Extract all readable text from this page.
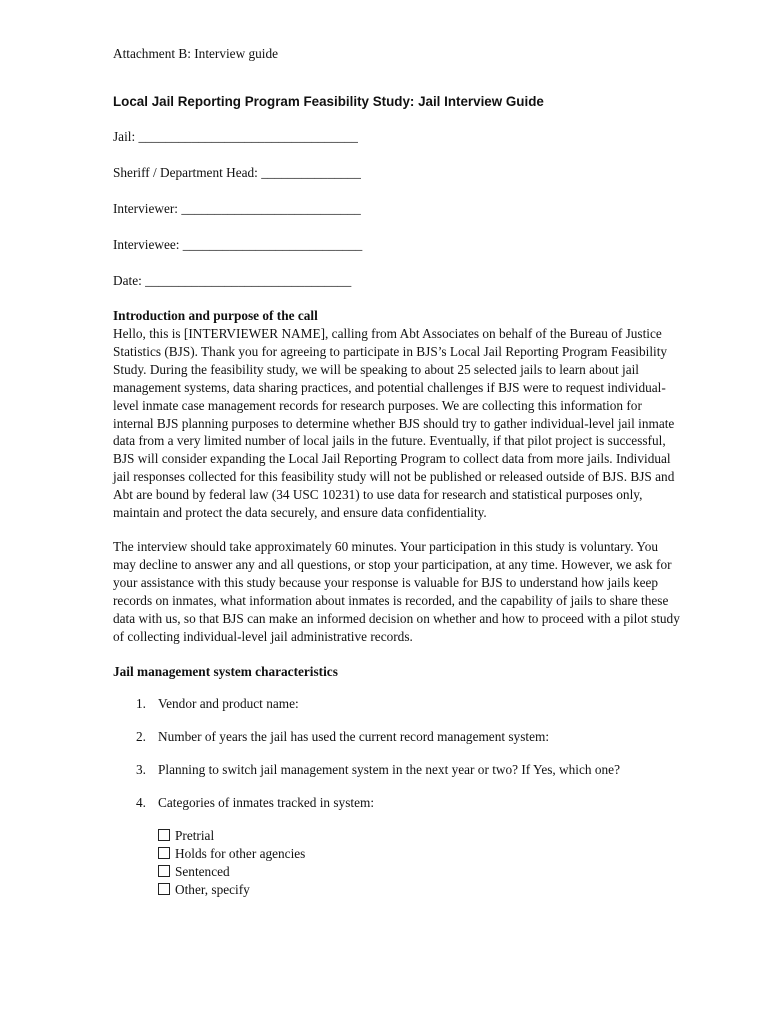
Attachment B: Interview guide

Local Jail Reporting Program Feasibility Study: Jail Interview Guide

Jail: _________________________________

Sheriff / Department Head: _______________

Interviewer: ___________________________

Interviewee: ___________________________

Date: _______________________________

Introduction and purpose of the call

Hello, this is [INTERVIEWER NAME], calling from Abt Associates on behalf of the Bureau of Justice Statistics (BJS). Thank you for agreeing to participate in BJS’s Local Jail Reporting Program Feasibility Study. During the feasibility study, we will be speaking to about 25 selected jails to learn about jail management systems, data sharing practices, and potential challenges if BJS were to request individual-level inmate case management records for research purposes. We are collecting this information for internal BJS planning purposes to determine whether BJS should try to gather individual-level jail inmate data from a very limited number of local jails in the future. Eventually, if that pilot project is successful, BJS will consider expanding the Local Jail Reporting Program to collect data from more jails. Individual jail responses collected for this feasibility study will not be published or released outside of BJS. BJS and Abt are bound by federal law (34 USC 10231) to use data for research and statistical purposes only, maintain and protect the data securely, and ensure data confidentiality.

The interview should take approximately 60 minutes. Your participation in this study is voluntary. You may decline to answer any and all questions, or stop your participation, at any time. However, we ask for your assistance with this study because your response is valuable for BJS to understand how jails keep records on inmates, what information about inmates is recorded, and the capability of jails to share these data with us, so that BJS can make an informed decision on whether and how to proceed with a pilot study of collecting individual-level jail administrative records.

Jail management system characteristics

1. Vendor and product name:
2. Number of years the jail has used the current record management system:
3. Planning to switch jail management system in the next year or two? If Yes, which one?
4. Categories of inmates tracked in system:
Pretrial
Holds for other agencies
Sentenced
Other, specify
